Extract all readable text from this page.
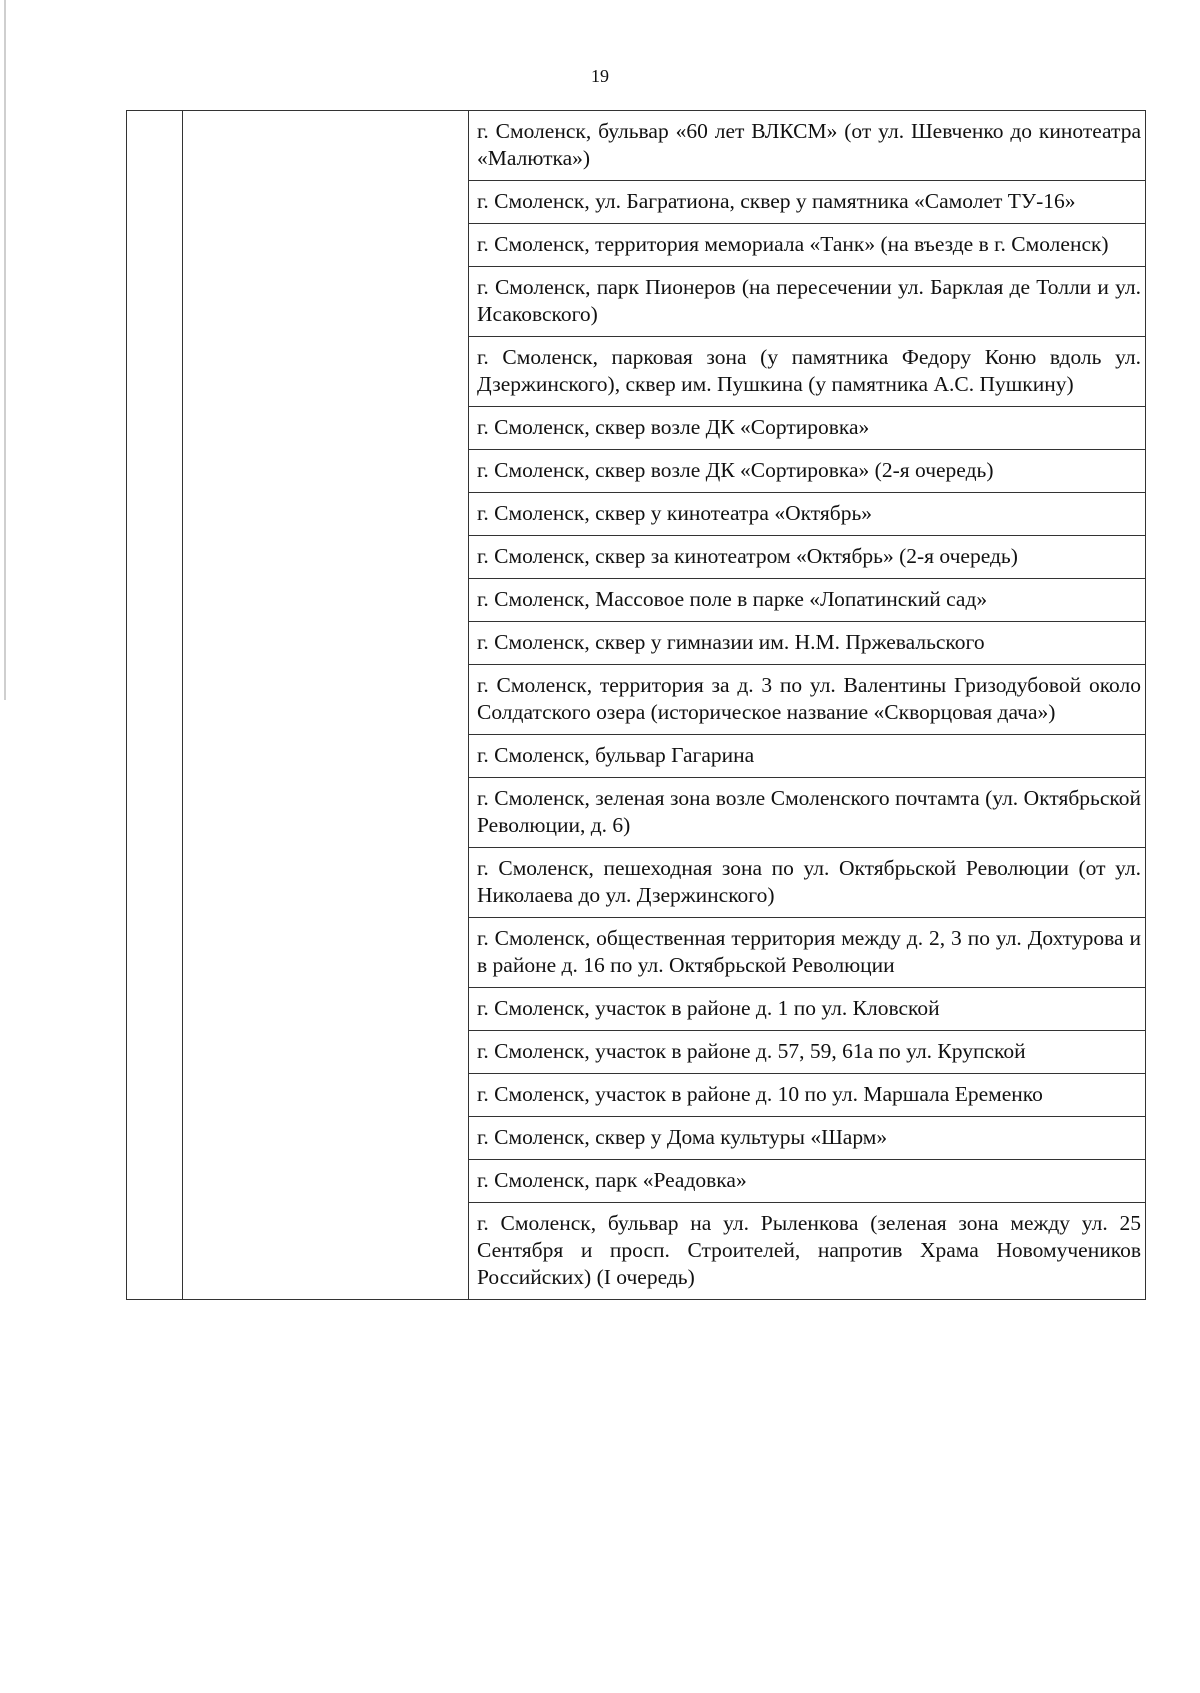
19

г. Смоленск, бульвар «60 лет ВЛКСМ» (от ул. Шевченко до кинотеатра «Малютка»)

г. Смоленск, ул. Багратиона, сквер у памятника «Самолет ТУ-16»

г. Смоленск, территория мемориала «Танк» (на въезде в г. Смоленск)

г. Смоленск, парк Пионеров (на пересечении ул. Барклая де Толли и ул. Исаковского)

г. Смоленск, парковая зона (у памятника Федору Коню вдоль ул. Дзержинского), сквер им. Пушкина (у памятника А.С. Пушкину)

г. Смоленск, сквер возле ДК «Сортировка»

г. Смоленск, сквер возле ДК «Сортировка» (2-я очередь)

г. Смоленск, сквер у кинотеатра «Октябрь»

г. Смоленск, сквер за кинотеатром «Октябрь» (2-я очередь)

г. Смоленск, Массовое поле в парке «Лопатинский сад»

г. Смоленск, сквер у гимназии им. Н.М. Пржевальского

г. Смоленск, территория за д. 3 по ул. Валентины Гризодубовой около Солдатского озера (историческое название «Скворцовая дача»)

г. Смоленск, бульвар Гагарина

г. Смоленск, зеленая зона возле Смоленского почтамта (ул. Октябрьской Революции, д. 6)

г. Смоленск, пешеходная зона по ул. Октябрьской Революции (от ул. Николаева до ул. Дзержинского)

г. Смоленск, общественная территория между д. 2, 3 по ул. Дохтурова и в районе д. 16 по ул. Октябрьской Революции

г. Смоленск, участок в районе д. 1 по ул. Кловской

г. Смоленск, участок в районе д. 57, 59, 61а по ул. Крупской

г. Смоленск, участок в районе д. 10 по ул. Маршала Еременко

г. Смоленск, сквер у Дома культуры «Шарм»

г. Смоленск, парк «Реадовка»

г. Смоленск, бульвар на ул. Рыленкова (зеленая зона между ул. 25 Сентября и просп. Строителей, напротив Храма Новомучеников Российских) (I очередь)
